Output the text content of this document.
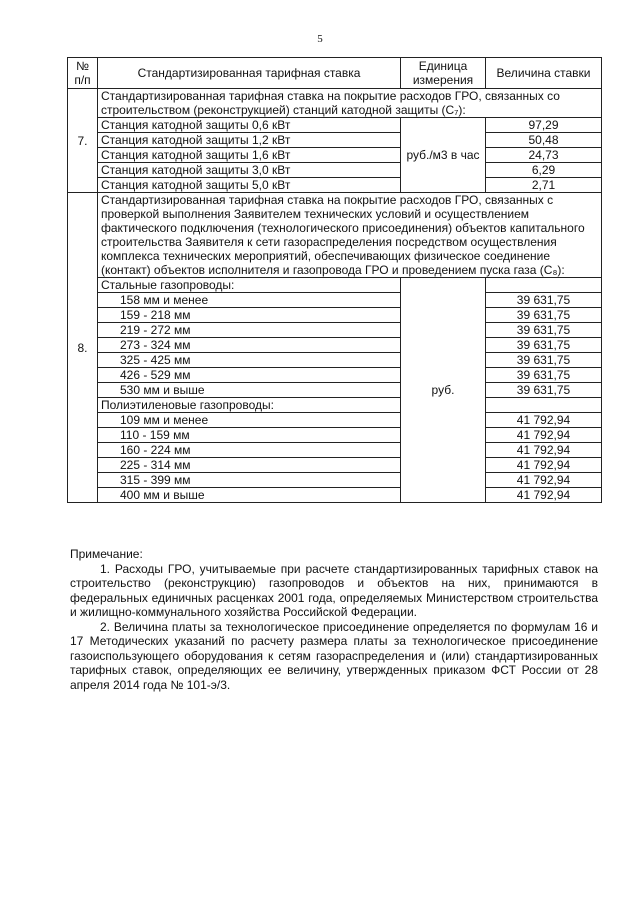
5
№ п/п	Стандартизированная тарифная ставка	Единица измерения	Величина ставки
7.	Стандартизированная тарифная ставка на покрытие расходов ГРО, связанных со строительством (реконструкцией) станций катодной защиты (C₇):		
	Станция катодной защиты 0,6 кВт	руб./м3 в час	97,29
	Станция катодной защиты 1,2 кВт		50,48
	Станция катодной защиты 1,6 кВт		24,73
	Станция катодной защиты 3,0 кВт		6,29
	Станция катодной защиты 5,0 кВт		2,71
8.	Стандартизированная тарифная ставка на покрытие расходов ГРО, связанных с проверкой выполнения Заявителем технических условий и осуществлением фактического подключения (технологического присоединения) объектов капитального строительства Заявителя к сети газораспределения посредством осуществления комплекса технических мероприятий, обеспечивающих физическое соединение (контакт) объектов исполнителя и газопровода ГРО и проведением пуска газа (C₈):		
	Стальные газопроводы:	руб.	
	158 мм и менее		39 631,75
	159 - 218 мм		39 631,75
	219 - 272 мм		39 631,75
	273 - 324 мм		39 631,75
	325 - 425 мм		39 631,75
	426 - 529 мм		39 631,75
	530 мм и выше		39 631,75
	Полиэтиленовые газопроводы:		
	109 мм и менее		41 792,94
	110 - 159 мм		41 792,94
	160 - 224 мм		41 792,94
	225 - 314 мм		41 792,94
	315 - 399 мм		41 792,94
	400 мм и выше		41 792,94

Примечание:

1. Расходы ГРО, учитываемые при расчете стандартизированных тарифных ставок на строительство (реконструкцию) газопроводов и объектов на них, принимаются в федеральных единичных расценках 2001 года, определяемых Министерством строительства и жилищно-коммунального хозяйства Российской Федерации.

2. Величина платы за технологическое присоединение определяется по формулам 16 и 17 Методических указаний по расчету размера платы за технологическое присоединение газоиспользующего оборудования к сетям газораспределения и (или) стандартизированных тарифных ставок, определяющих ее величину, утвержденных приказом ФСТ России от 28 апреля 2014 года № 101-э/3.
